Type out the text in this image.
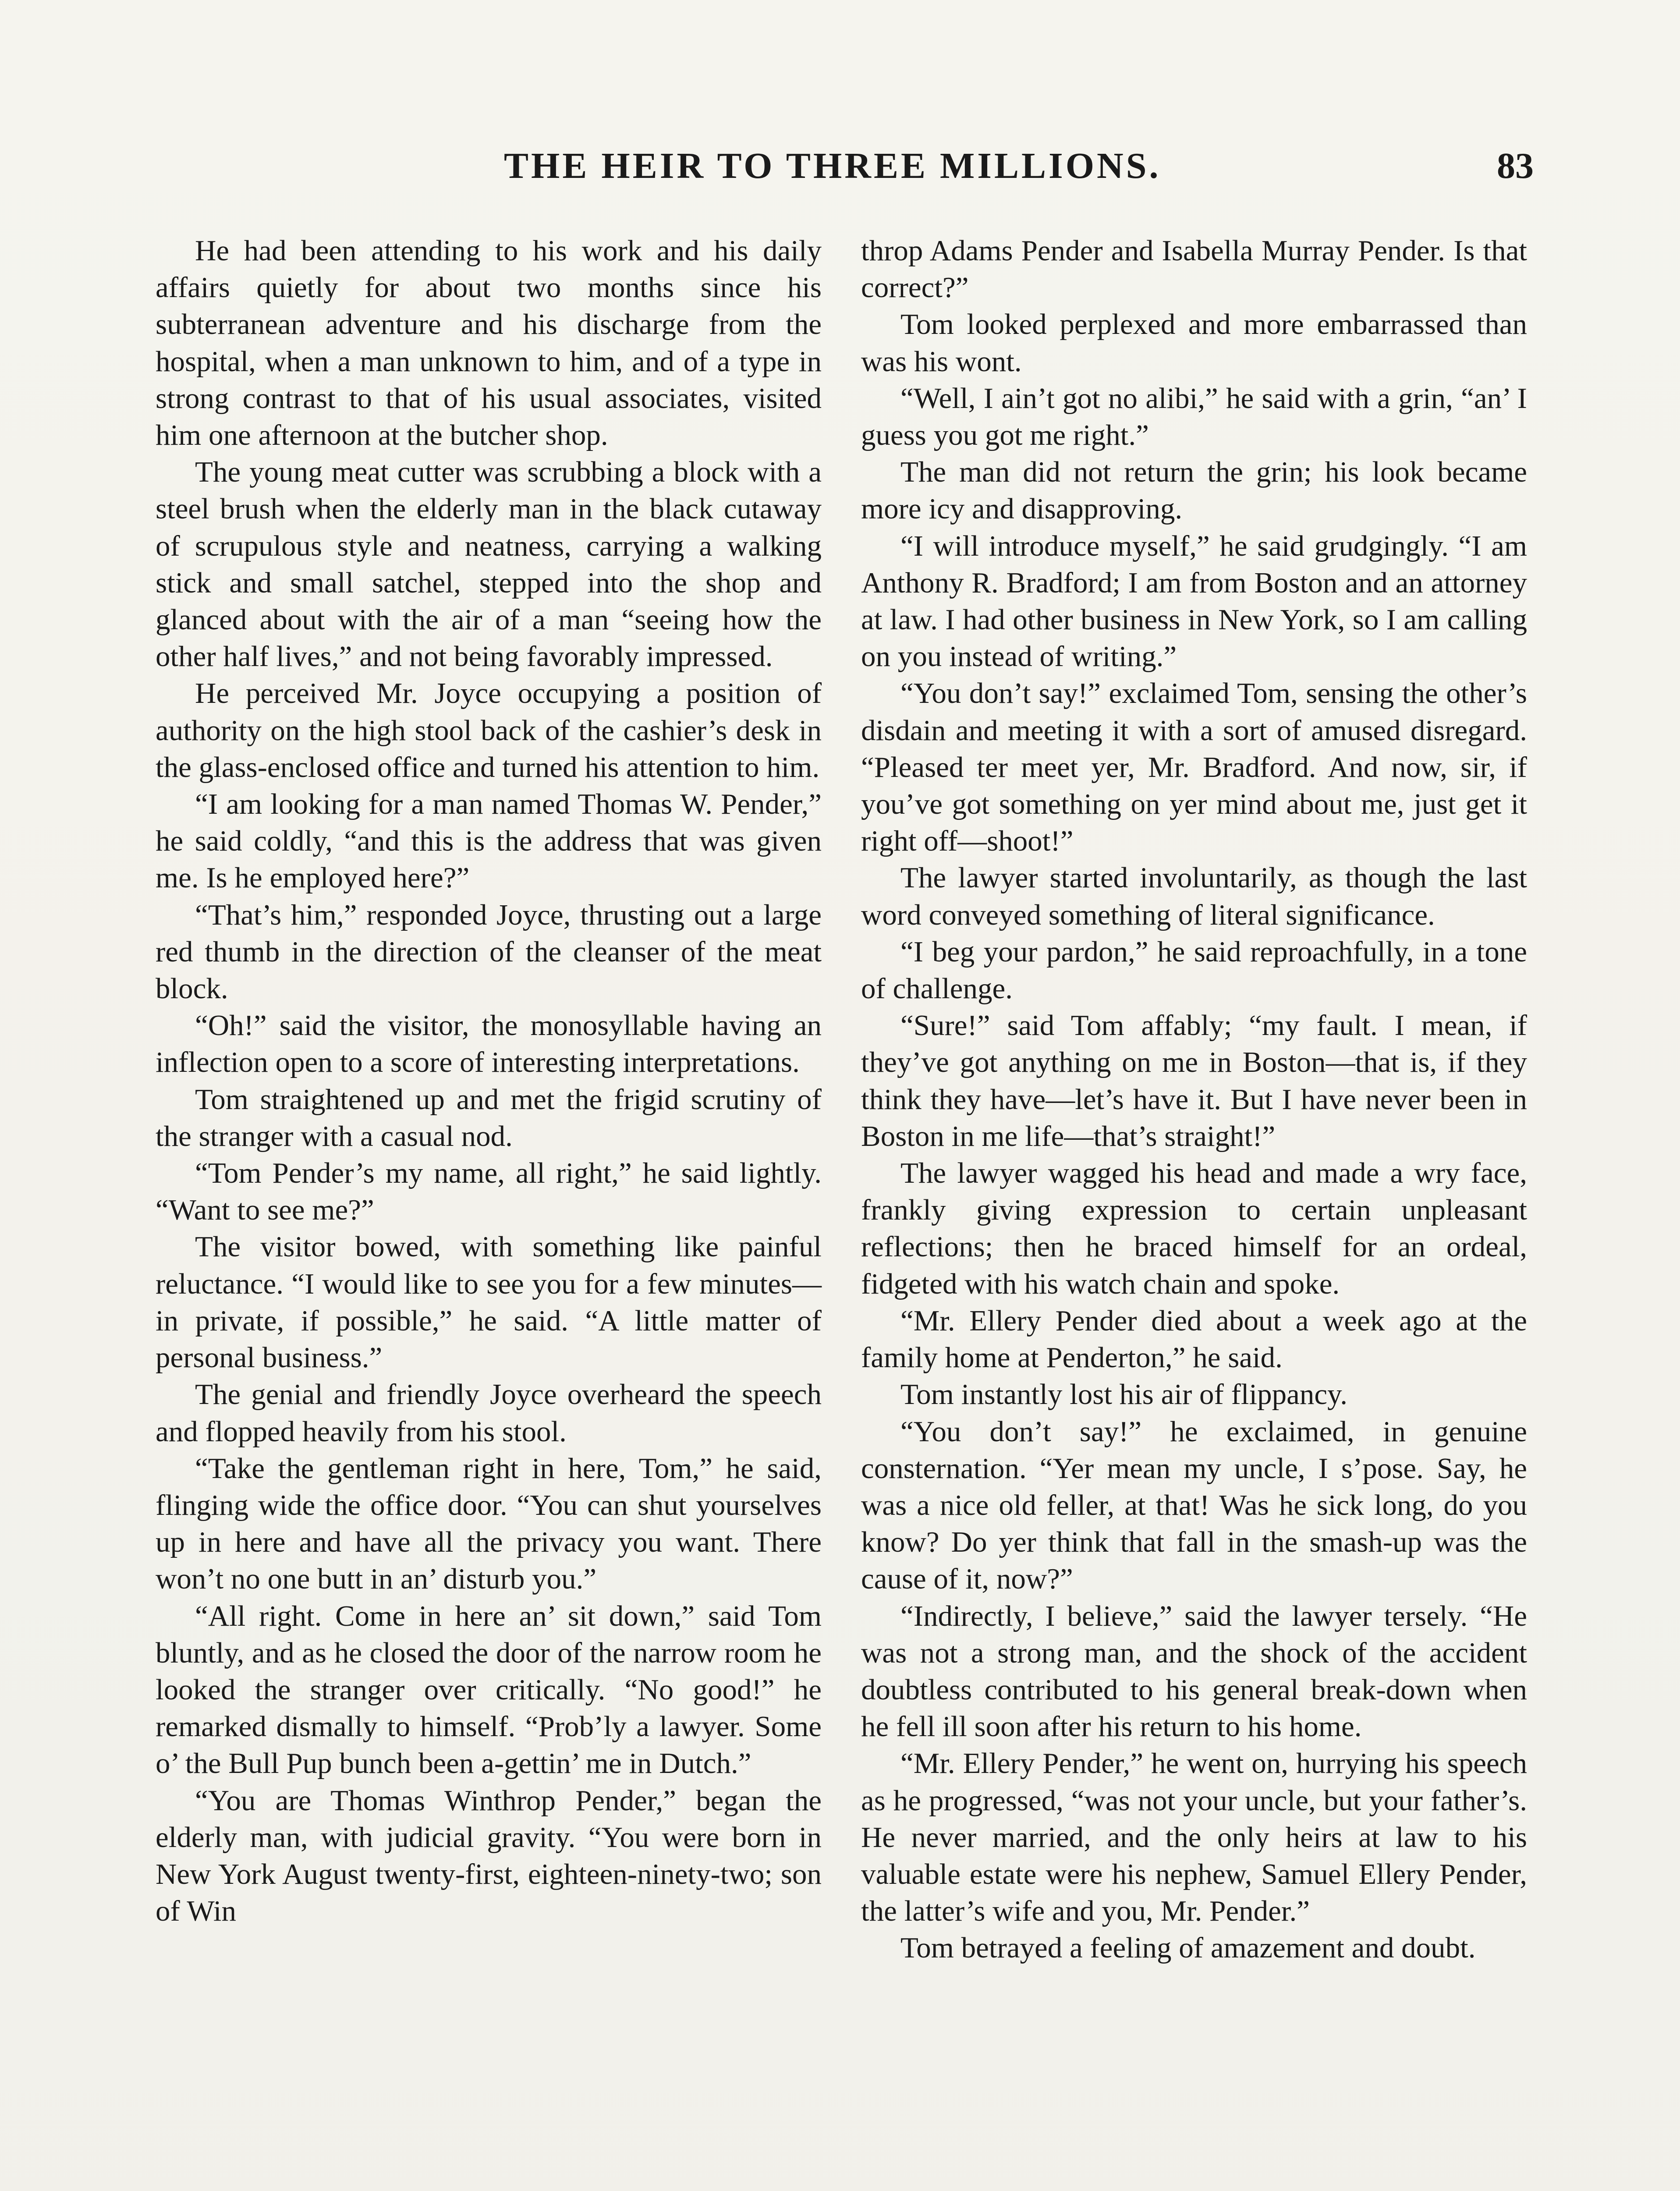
THE HEIR TO THREE MILLIONS.	83

He had been attending to his work and his daily affairs quietly for about two months since his subterranean adventure and his discharge from the hospital, when a man unknown to him, and of a type in strong contrast to that of his usual associates, visited him one afternoon at the butcher shop.

The young meat cutter was scrubbing a block with a steel brush when the elderly man in the black cutaway of scrupulous style and neatness, carrying a walking stick and small satchel, stepped into the shop and glanced about with the air of a man “seeing how the other half lives,” and not being favorably impressed.

He perceived Mr. Joyce occupying a position of authority on the high stool back of the cashier’s desk in the glass-enclosed office and turned his attention to him.

“I am looking for a man named Thomas W. Pender,” he said coldly, “and this is the address that was given me. Is he employed here?”

“That’s him,” responded Joyce, thrusting out a large red thumb in the direction of the cleanser of the meat block.

“Oh!” said the visitor, the monosyllable having an inflection open to a score of interesting interpretations.

Tom straightened up and met the frigid scrutiny of the stranger with a casual nod.

“Tom Pender’s my name, all right,” he said lightly. “Want to see me?”

The visitor bowed, with something like painful reluctance. “I would like to see you for a few minutes—in private, if possible,” he said. “A little matter of personal business.”

The genial and friendly Joyce overheard the speech and flopped heavily from his stool.

“Take the gentleman right in here, Tom,” he said, flinging wide the office door. “You can shut yourselves up in here and have all the privacy you want. There won’t no one butt in an’ disturb you.”

“All right. Come in here an’ sit down,” said Tom bluntly, and as he closed the door of the narrow room he looked the stranger over critically. “No good!” he remarked dismally to himself. “Prob’ly a lawyer. Some o’ the Bull Pup bunch been a-gettin’ me in Dutch.”

“You are Thomas Winthrop Pender,” began the elderly man, with judicial gravity. “You were born in New York August twenty-first, eighteen-ninety-two; son of Win

throp Adams Pender and Isabella Murray Pender. Is that correct?”

Tom looked perplexed and more embarrassed than was his wont.

“Well, I ain’t got no alibi,” he said with a grin, “an’ I guess you got me right.”

The man did not return the grin; his look became more icy and disapproving.

“I will introduce myself,” he said grudgingly. “I am Anthony R. Bradford; I am from Boston and an attorney at law. I had other business in New York, so I am calling on you instead of writing.”

“You don’t say!” exclaimed Tom, sensing the other’s disdain and meeting it with a sort of amused disregard. “Pleased ter meet yer, Mr. Bradford. And now, sir, if you’ve got something on yer mind about me, just get it right off—shoot!”

The lawyer started involuntarily, as though the last word conveyed something of literal significance.

“I beg your pardon,” he said reproachfully, in a tone of challenge.

“Sure!” said Tom affably; “my fault. I mean, if they’ve got anything on me in Boston—that is, if they think they have—let’s have it. But I have never been in Boston in me life—that’s straight!”

The lawyer wagged his head and made a wry face, frankly giving expression to certain unpleasant reflections; then he braced himself for an ordeal, fidgeted with his watch chain and spoke.

“Mr. Ellery Pender died about a week ago at the family home at Penderton,” he said.

Tom instantly lost his air of flippancy.

“You don’t say!” he exclaimed, in genuine consternation. “Yer mean my uncle, I s’pose. Say, he was a nice old feller, at that! Was he sick long, do you know? Do yer think that fall in the smash-up was the cause of it, now?”

“Indirectly, I believe,” said the lawyer tersely. “He was not a strong man, and the shock of the accident doubtless contributed to his general break-down when he fell ill soon after his return to his home.

“Mr. Ellery Pender,” he went on, hurrying his speech as he progressed, “was not your uncle, but your father’s. He never married, and the only heirs at law to his valuable estate were his nephew, Samuel Ellery Pender, the latter’s wife and you, Mr. Pender.”

Tom betrayed a feeling of amazement and doubt.
